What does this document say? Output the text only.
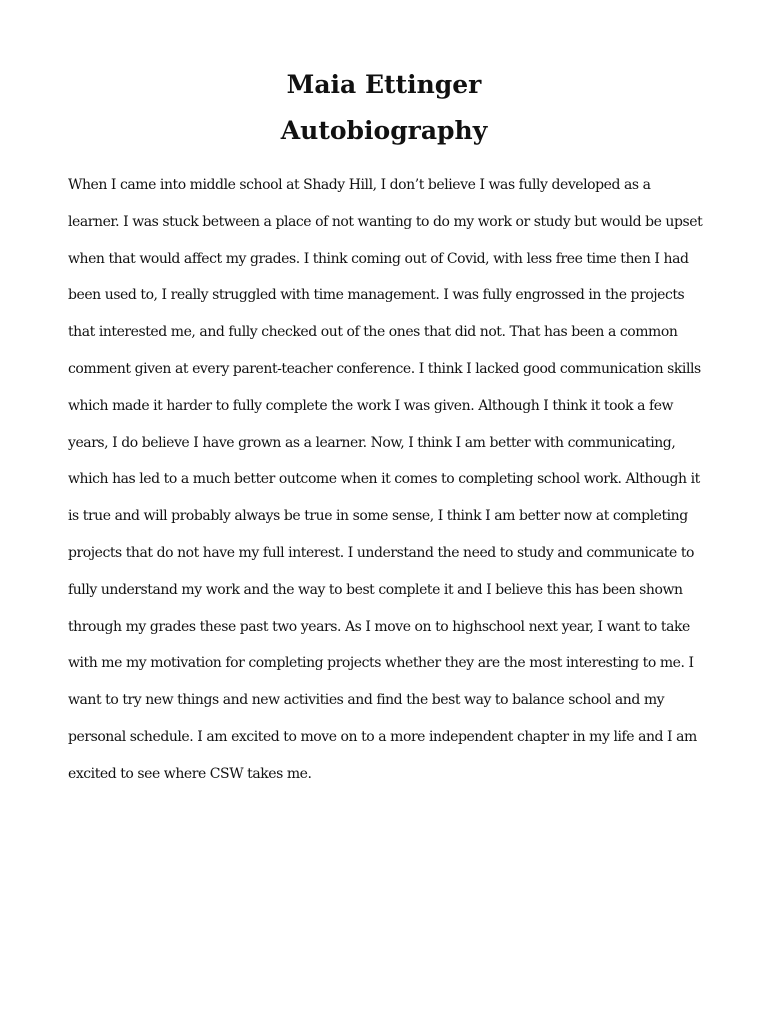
Maia Ettinger
Autobiography
When I came into middle school at Shady Hill, I don’t believe I was fully developed as a
learner. I was stuck between a place of not wanting to do my work or study but would be upset
when that would affect my grades. I think coming out of Covid, with less free time then I had
been used to, I really struggled with time management. I was fully engrossed in the projects
that interested me, and fully checked out of the ones that did not. That has been a common
comment given at every parent-teacher conference. I think I lacked good communication skills
which made it harder to fully complete the work I was given. Although I think it took a few
years, I do believe I have grown as a learner. Now, I think I am better with communicating,
which has led to a much better outcome when it comes to completing school work. Although it
is true and will probably always be true in some sense, I think I am better now at completing
projects that do not have my full interest. I understand the need to study and communicate to
fully understand my work and the way to best complete it and I believe this has been shown
through my grades these past two years. As I move on to highschool next year, I want to take
with me my motivation for completing projects whether they are the most interesting to me. I
want to try new things and new activities and find the best way to balance school and my
personal schedule. I am excited to move on to a more independent chapter in my life and I am
excited to see where CSW takes me.
